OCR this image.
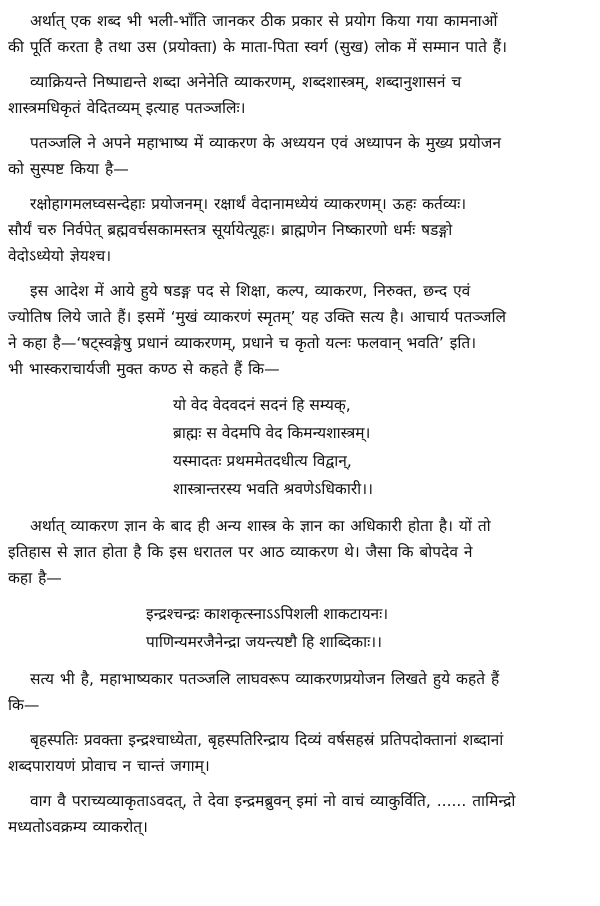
अर्थात् एक शब्द भी भली-भाँति जानकर ठीक प्रकार से प्रयोग किया गया कामनाओं
की पूर्ति करता है तथा उस (प्रयोक्ता) के माता-पिता स्वर्ग (सुख) लोक में सम्मान पाते हैं।
व्याक्रियन्ते निष्पाद्यन्ते शब्दा अनेनेति व्याकरणम्, शब्दशास्त्रम्, शब्दानुशासनं च
शास्त्रमधिकृतं वेदितव्यम् इत्याह पतञ्जलिः।
पतञ्जलि ने अपने महाभाष्य में व्याकरण के अध्ययन एवं अध्यापन के मुख्य प्रयोजन
को सुस्पष्ट किया है—
रक्षोहागमलघ्वसन्देहाः प्रयोजनम्। रक्षार्थं वेदानामध्येयं व्याकरणम्। ऊहः कर्तव्यः।
सौर्यं चरु निर्वपेत् ब्रह्मवर्चसकामस्तत्र सूर्यायेत्यूहः। ब्राह्मणेन निष्कारणो धर्मः षडङ्गो
वेदोऽध्येयो ज्ञेयश्च।
इस आदेश में आये हुये षडङ्ग पद से शिक्षा, कल्प, व्याकरण, निरुक्त, छन्द एवं
ज्योतिष लिये जाते हैं। इसमें ‘मुखं व्याकरणं स्मृतम्’ यह उक्ति सत्य है। आचार्य पतञ्जलि
ने कहा है—‘षट्स्वङ्गेषु प्रधानं व्याकरणम्, प्रधाने च कृतो यत्नः फलवान् भवति’ इति।
भी भास्कराचार्यजी मुक्त कण्ठ से कहते हैं कि—
यो वेद वेदवदनं सदनं हि सम्यक्,
ब्राह्मः स वेदमपि वेद किमन्यशास्त्रम्।
यस्मादतः प्रथममेतदधीत्य विद्वान्,
शास्त्रान्तरस्य भवति श्रवणेऽधिकारी।।
अर्थात् व्याकरण ज्ञान के बाद ही अन्य शास्त्र के ज्ञान का अधिकारी होता है। यों तो
इतिहास से ज्ञात होता है कि इस धरातल पर आठ व्याकरण थे। जैसा कि बोपदेव ने
कहा है—
इन्द्रश्चन्द्रः काशकृत्स्नाऽऽपिशली शाकटायनः।
पाणिन्यमरजैनेन्द्रा जयन्त्यष्टौ हि शाब्दिकाः।।
सत्य भी है, महाभाष्यकार पतञ्जलि लाघवरूप व्याकरणप्रयोजन लिखते हुये कहते हैं
कि—
बृहस्पतिः प्रवक्ता इन्द्रश्चाध्येता, बृहस्पतिरिन्द्राय दिव्यं वर्षसहस्रं प्रतिपदोक्तानां शब्दानां
शब्दपारायणं प्रोवाच न चान्तं जगाम्।
वाग वै पराच्यव्याकृताऽवदत्, ते देवा इन्द्रमब्रुवन् इमां नो वाचं व्याकुर्विति, ...... तामिन्द्रो
मध्यतोऽवक्रम्य व्याकरोत्।
